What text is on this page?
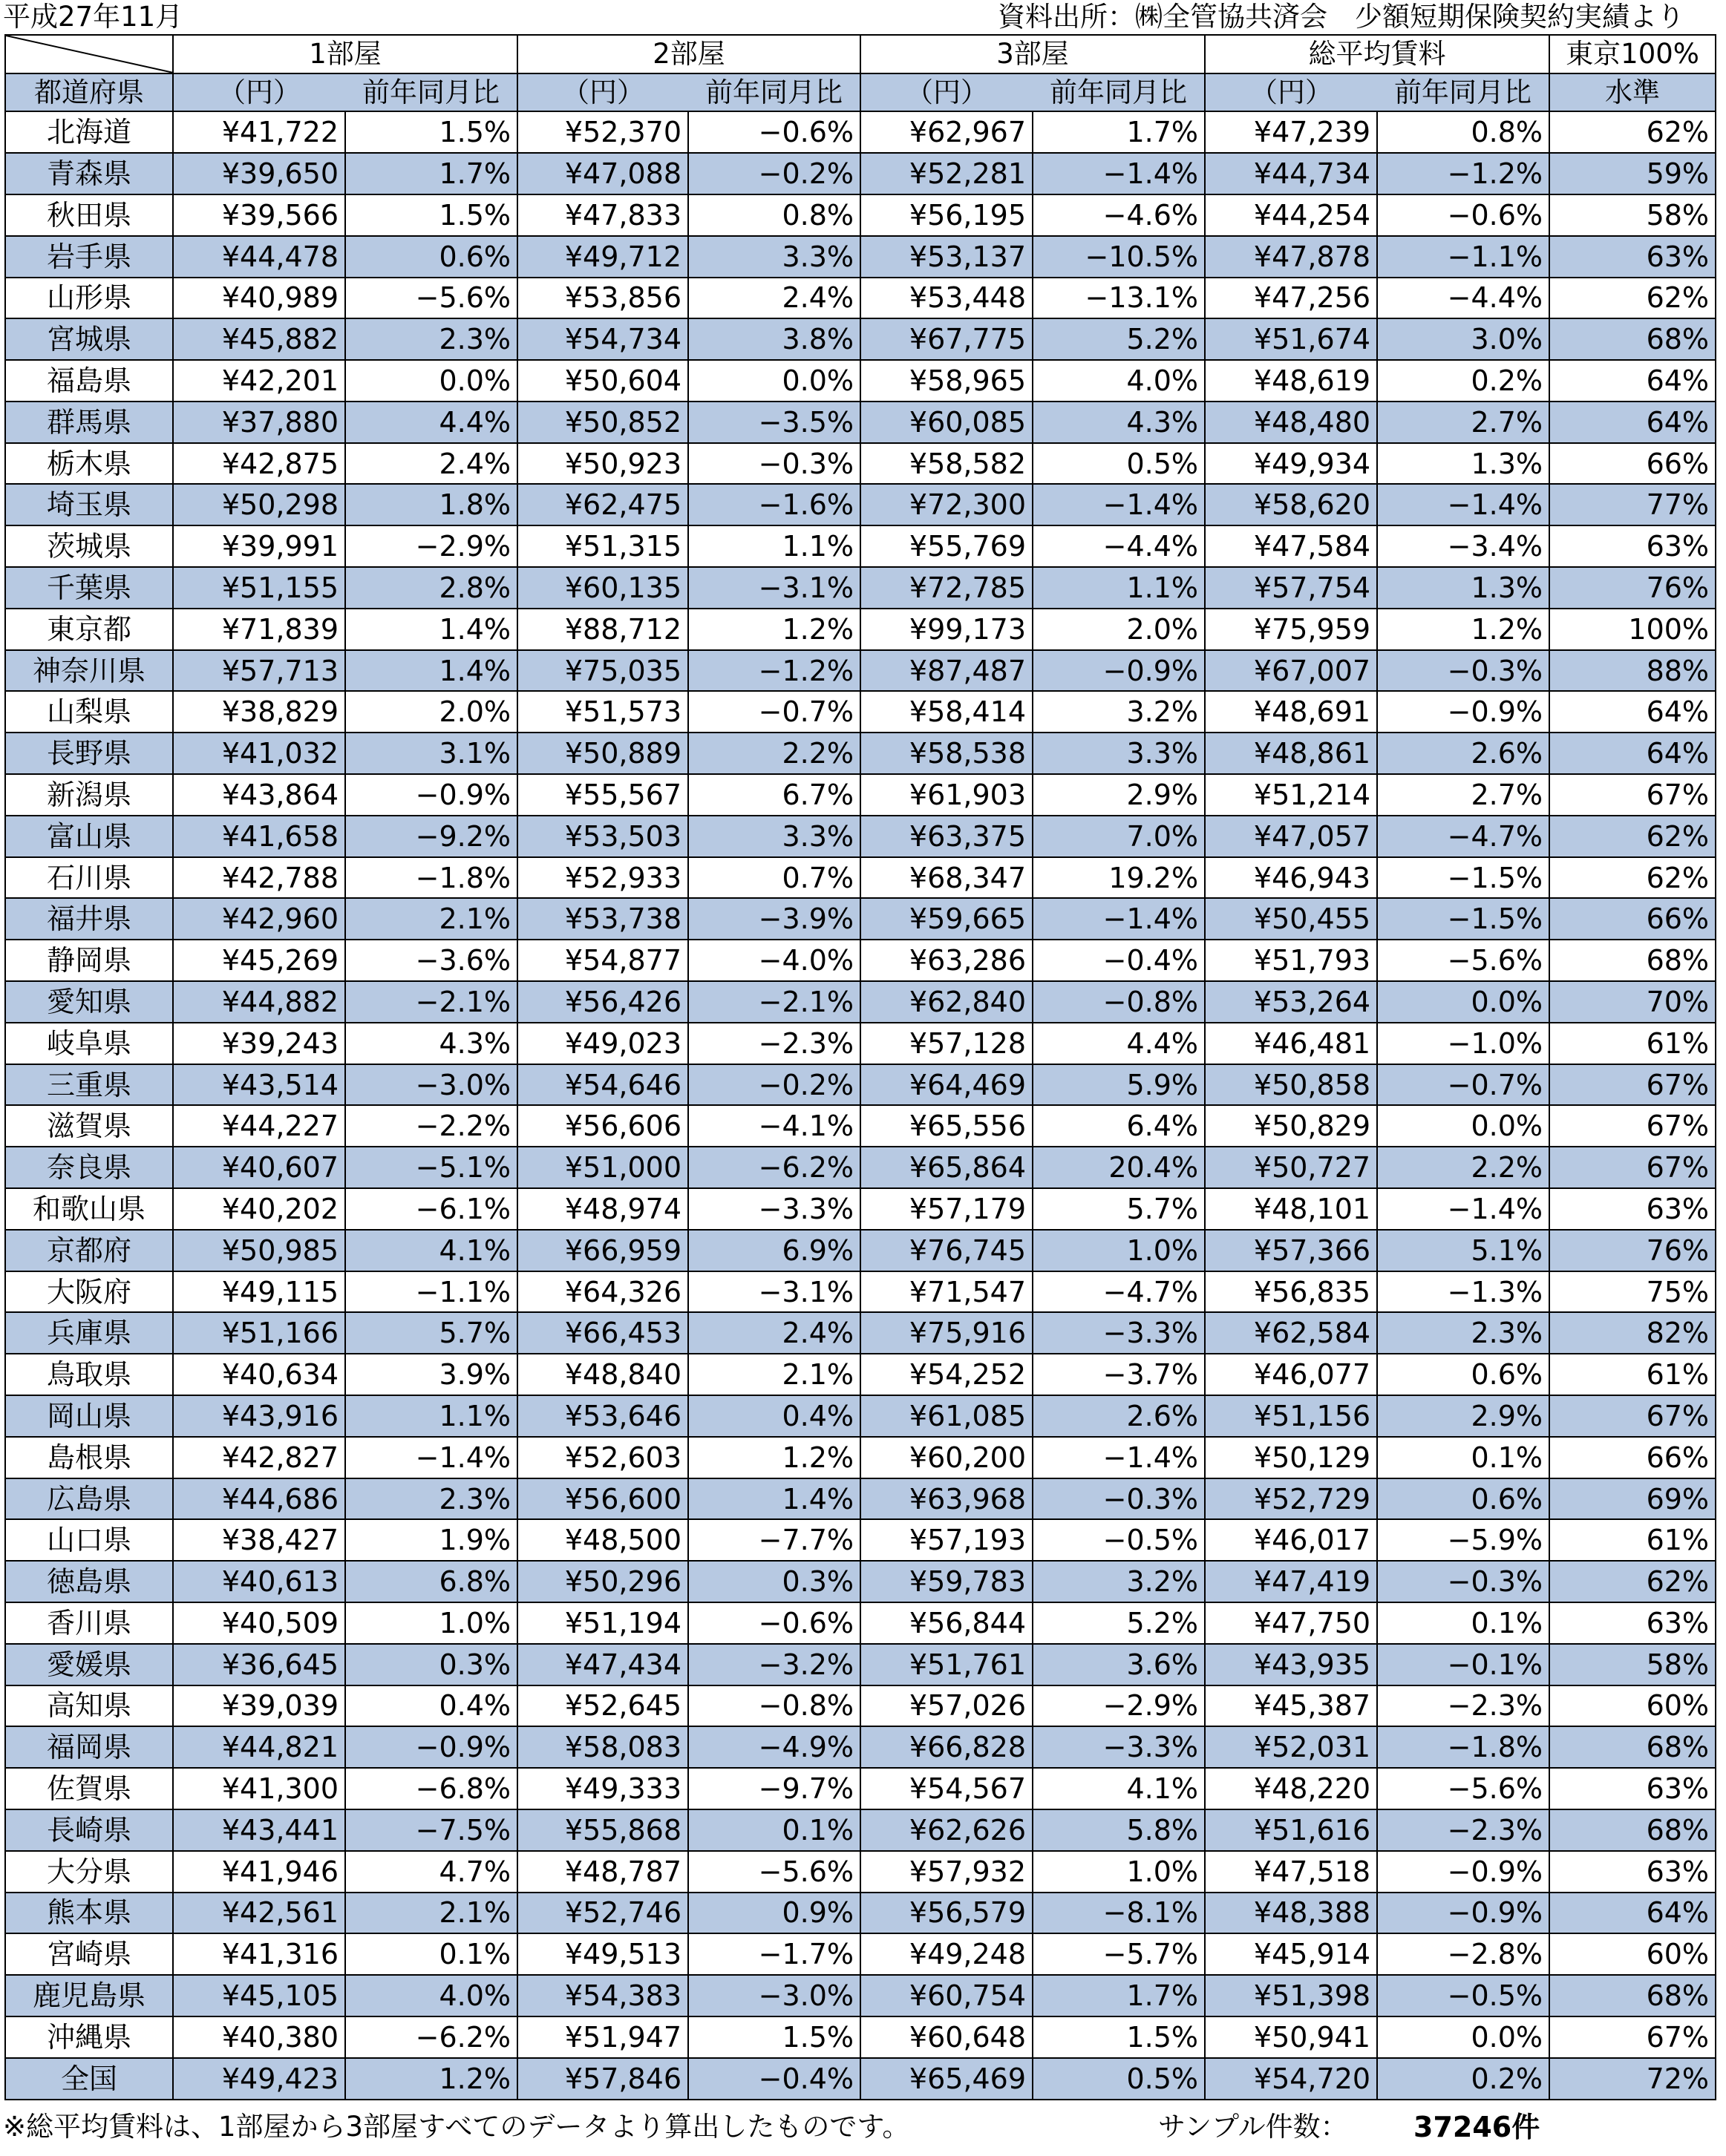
平成27年11月	資料出所：㈱全管協共済会　少額短期保険契約実績より
	1部屋		2部屋		3部屋		総平均賃料		東京100%
都道府県	（円）	前年同月比	（円）	前年同月比	（円）	前年同月比	（円）	前年同月比	水準
北海道	¥41,722	1.5%	¥52,370	−0.6%	¥62,967	1.7%	¥47,239	0.8%	62%
青森県	¥39,650	1.7%	¥47,088	−0.2%	¥52,281	−1.4%	¥44,734	−1.2%	59%
秋田県	¥39,566	1.5%	¥47,833	0.8%	¥56,195	−4.6%	¥44,254	−0.6%	58%
岩手県	¥44,478	0.6%	¥49,712	3.3%	¥53,137	−10.5%	¥47,878	−1.1%	63%
山形県	¥40,989	−5.6%	¥53,856	2.4%	¥53,448	−13.1%	¥47,256	−4.4%	62%
宮城県	¥45,882	2.3%	¥54,734	3.8%	¥67,775	5.2%	¥51,674	3.0%	68%
福島県	¥42,201	0.0%	¥50,604	0.0%	¥58,965	4.0%	¥48,619	0.2%	64%
群馬県	¥37,880	4.4%	¥50,852	−3.5%	¥60,085	4.3%	¥48,480	2.7%	64%
栃木県	¥42,875	2.4%	¥50,923	−0.3%	¥58,582	0.5%	¥49,934	1.3%	66%
埼玉県	¥50,298	1.8%	¥62,475	−1.6%	¥72,300	−1.4%	¥58,620	−1.4%	77%
茨城県	¥39,991	−2.9%	¥51,315	1.1%	¥55,769	−4.4%	¥47,584	−3.4%	63%
千葉県	¥51,155	2.8%	¥60,135	−3.1%	¥72,785	1.1%	¥57,754	1.3%	76%
東京都	¥71,839	1.4%	¥88,712	1.2%	¥99,173	2.0%	¥75,959	1.2%	100%
神奈川県	¥57,713	1.4%	¥75,035	−1.2%	¥87,487	−0.9%	¥67,007	−0.3%	88%
山梨県	¥38,829	2.0%	¥51,573	−0.7%	¥58,414	3.2%	¥48,691	−0.9%	64%
長野県	¥41,032	3.1%	¥50,889	2.2%	¥58,538	3.3%	¥48,861	2.6%	64%
新潟県	¥43,864	−0.9%	¥55,567	6.7%	¥61,903	2.9%	¥51,214	2.7%	67%
富山県	¥41,658	−9.2%	¥53,503	3.3%	¥63,375	7.0%	¥47,057	−4.7%	62%
石川県	¥42,788	−1.8%	¥52,933	0.7%	¥68,347	19.2%	¥46,943	−1.5%	62%
福井県	¥42,960	2.1%	¥53,738	−3.9%	¥59,665	−1.4%	¥50,455	−1.5%	66%
静岡県	¥45,269	−3.6%	¥54,877	−4.0%	¥63,286	−0.4%	¥51,793	−5.6%	68%
愛知県	¥44,882	−2.1%	¥56,426	−2.1%	¥62,840	−0.8%	¥53,264	0.0%	70%
岐阜県	¥39,243	4.3%	¥49,023	−2.3%	¥57,128	4.4%	¥46,481	−1.0%	61%
三重県	¥43,514	−3.0%	¥54,646	−0.2%	¥64,469	5.9%	¥50,858	−0.7%	67%
滋賀県	¥44,227	−2.2%	¥56,606	−4.1%	¥65,556	6.4%	¥50,829	0.0%	67%
奈良県	¥40,607	−5.1%	¥51,000	−6.2%	¥65,864	20.4%	¥50,727	2.2%	67%
和歌山県	¥40,202	−6.1%	¥48,974	−3.3%	¥57,179	5.7%	¥48,101	−1.4%	63%
京都府	¥50,985	4.1%	¥66,959	6.9%	¥76,745	1.0%	¥57,366	5.1%	76%
大阪府	¥49,115	−1.1%	¥64,326	−3.1%	¥71,547	−4.7%	¥56,835	−1.3%	75%
兵庫県	¥51,166	5.7%	¥66,453	2.4%	¥75,916	−3.3%	¥62,584	2.3%	82%
鳥取県	¥40,634	3.9%	¥48,840	2.1%	¥54,252	−3.7%	¥46,077	0.6%	61%
岡山県	¥43,916	1.1%	¥53,646	0.4%	¥61,085	2.6%	¥51,156	2.9%	67%
島根県	¥42,827	−1.4%	¥52,603	1.2%	¥60,200	−1.4%	¥50,129	0.1%	66%
広島県	¥44,686	2.3%	¥56,600	1.4%	¥63,968	−0.3%	¥52,729	0.6%	69%
山口県	¥38,427	1.9%	¥48,500	−7.7%	¥57,193	−0.5%	¥46,017	−5.9%	61%
徳島県	¥40,613	6.8%	¥50,296	0.3%	¥59,783	3.2%	¥47,419	−0.3%	62%
香川県	¥40,509	1.0%	¥51,194	−0.6%	¥56,844	5.2%	¥47,750	0.1%	63%
愛媛県	¥36,645	0.3%	¥47,434	−3.2%	¥51,761	3.6%	¥43,935	−0.1%	58%
高知県	¥39,039	0.4%	¥52,645	−0.8%	¥57,026	−2.9%	¥45,387	−2.3%	60%
福岡県	¥44,821	−0.9%	¥58,083	−4.9%	¥66,828	−3.3%	¥52,031	−1.8%	68%
佐賀県	¥41,300	−6.8%	¥49,333	−9.7%	¥54,567	4.1%	¥48,220	−5.6%	63%
長崎県	¥43,441	−7.5%	¥55,868	0.1%	¥62,626	5.8%	¥51,616	−2.3%	68%
大分県	¥41,946	4.7%	¥48,787	−5.6%	¥57,932	1.0%	¥47,518	−0.9%	63%
熊本県	¥42,561	2.1%	¥52,746	0.9%	¥56,579	−8.1%	¥48,388	−0.9%	64%
宮崎県	¥41,316	0.1%	¥49,513	−1.7%	¥49,248	−5.7%	¥45,914	−2.8%	60%
鹿児島県	¥45,105	4.0%	¥54,383	−3.0%	¥60,754	1.7%	¥51,398	−0.5%	68%
沖縄県	¥40,380	−6.2%	¥51,947	1.5%	¥60,648	1.5%	¥50,941	0.0%	67%
全国	¥49,423	1.2%	¥57,846	−0.4%	¥65,469	0.5%	¥54,720	0.2%	72%
※総平均賃料は、1部屋から3部屋すべてのデータより算出したものです。	サンプル件数： 37246件
